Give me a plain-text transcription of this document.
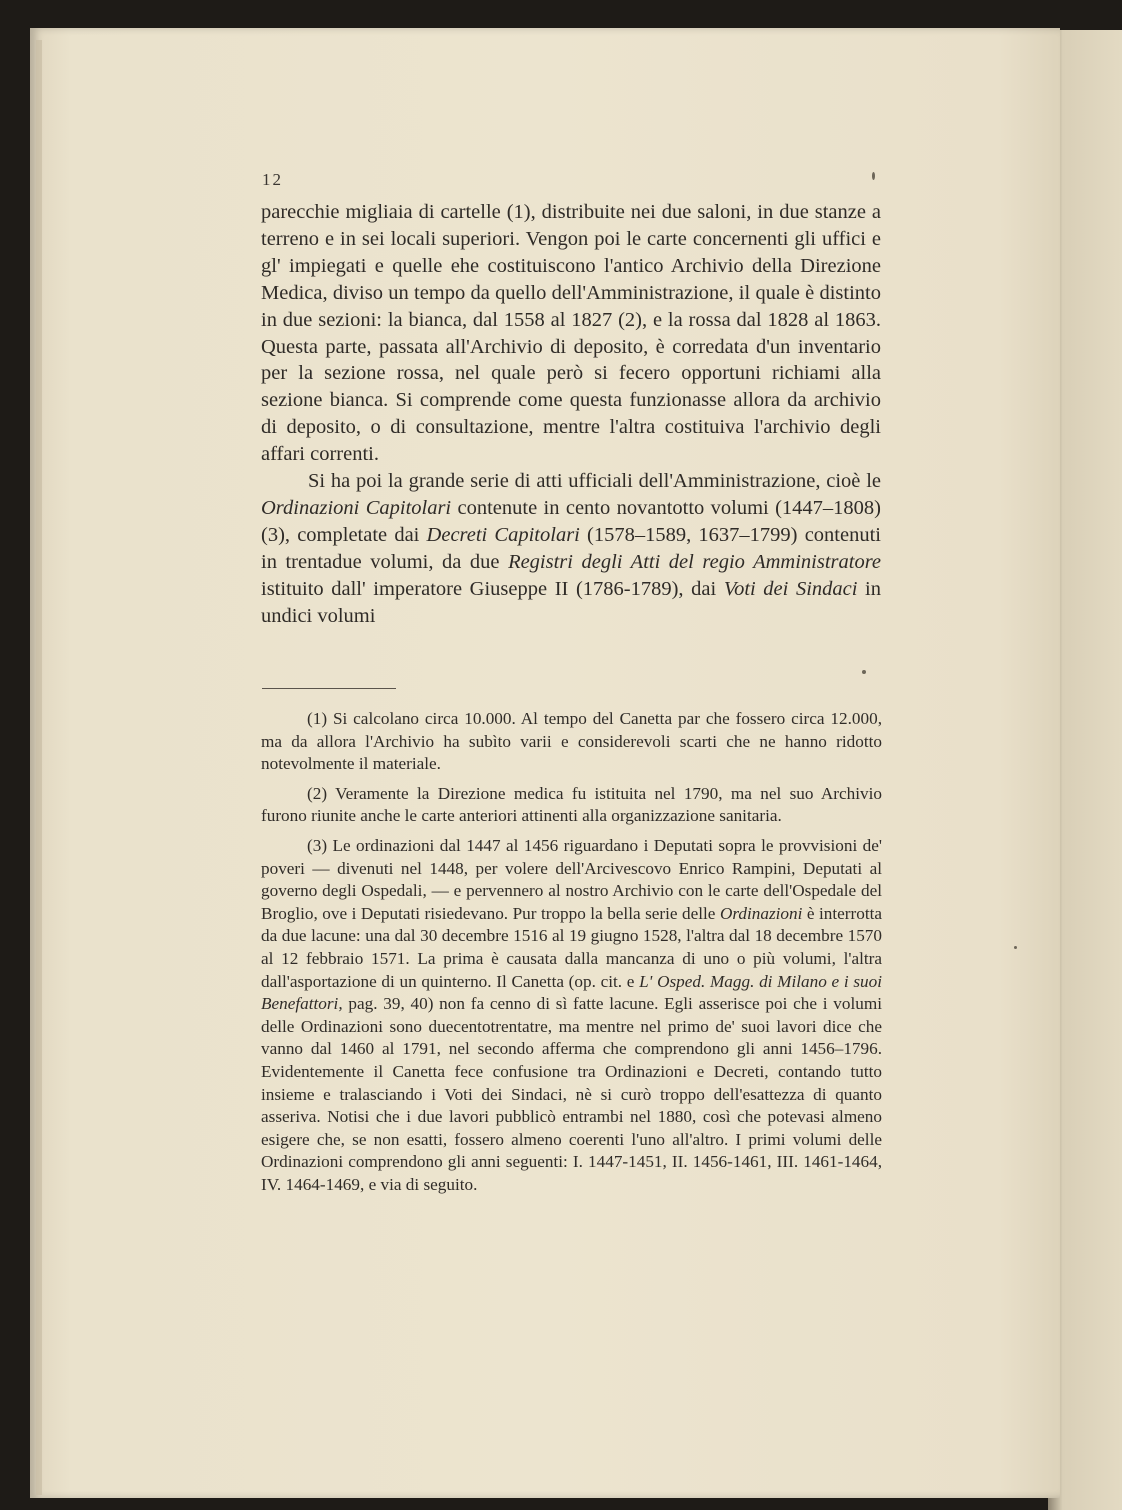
12

parecchie migliaia di cartelle (1), distribuite nei due saloni, in due stanze a terreno e in sei locali superiori. Vengon poi le carte concernenti gli uffici e gl' impiegati e quelle ehe costituiscono l'antico Archivio della Direzione Medica, diviso un tempo da quello dell'Amministrazione, il quale è distinto in due sezioni: la bianca, dal 1558 al 1827 (2), e la rossa dal 1828 al 1863. Questa parte, passata all'Archivio di deposito, è corredata d'un inventario per la sezione rossa, nel quale però si fecero opportuni richiami alla sezione bianca. Si comprende come questa funzionasse allora da archivio di deposito, o di consultazione, mentre l'altra costituiva l'archivio degli affari correnti.

Si ha poi la grande serie di atti ufficiali dell'Amministrazione, cioè le Ordinazioni Capitolari contenute in cento novantotto volumi (1447–1808) (3), completate dai Decreti Capitolari (1578–1589, 1637–1799) contenuti in trentadue volumi, da due Registri degli Atti del regio Amministratore istituito dall' imperatore Giuseppe II (1786-1789), dai Voti dei Sindaci in undici volumi

(1) Si calcolano circa 10.000. Al tempo del Canetta par che fossero circa 12.000, ma da allora l'Archivio ha subìto varii e considerevoli scarti che ne hanno ridotto notevolmente il materiale.

(2) Veramente la Direzione medica fu istituita nel 1790, ma nel suo Archivio furono riunite anche le carte anteriori attinenti alla organizzazione sanitaria.

(3) Le ordinazioni dal 1447 al 1456 riguardano i Deputati sopra le provvisioni de' poveri — divenuti nel 1448, per volere dell'Arcivescovo Enrico Rampini, Deputati al governo degli Ospedali, — e pervennero al nostro Archivio con le carte dell'Ospedale del Broglio, ove i Deputati risiedevano. Pur troppo la bella serie delle Ordinazioni è interrotta da due lacune: una dal 30 decembre 1516 al 19 giugno 1528, l'altra dal 18 decembre 1570 al 12 febbraio 1571. La prima è causata dalla mancanza di uno o più volumi, l'altra dall'asportazione di un quinterno. Il Canetta (op. cit. e L' Osped. Magg. di Milano e i suoi Benefattori, pag. 39, 40) non fa cenno di sì fatte lacune. Egli asserisce poi che i volumi delle Ordinazioni sono duecentotrentatre, ma mentre nel primo de' suoi lavori dice che vanno dal 1460 al 1791, nel secondo afferma che comprendono gli anni 1456–1796. Evidentemente il Canetta fece confusione tra Ordinazioni e Decreti, contando tutto insieme e tralasciando i Voti dei Sindaci, nè si curò troppo dell'esattezza di quanto asseriva. Notisi che i due lavori pubblicò entrambi nel 1880, così che potevasi almeno esigere che, se non esatti, fossero almeno coerenti l'uno all'altro. I primi volumi delle Ordinazioni comprendono gli anni seguenti: I. 1447-1451, II. 1456-1461, III. 1461-1464, IV. 1464-1469, e via di seguito.
